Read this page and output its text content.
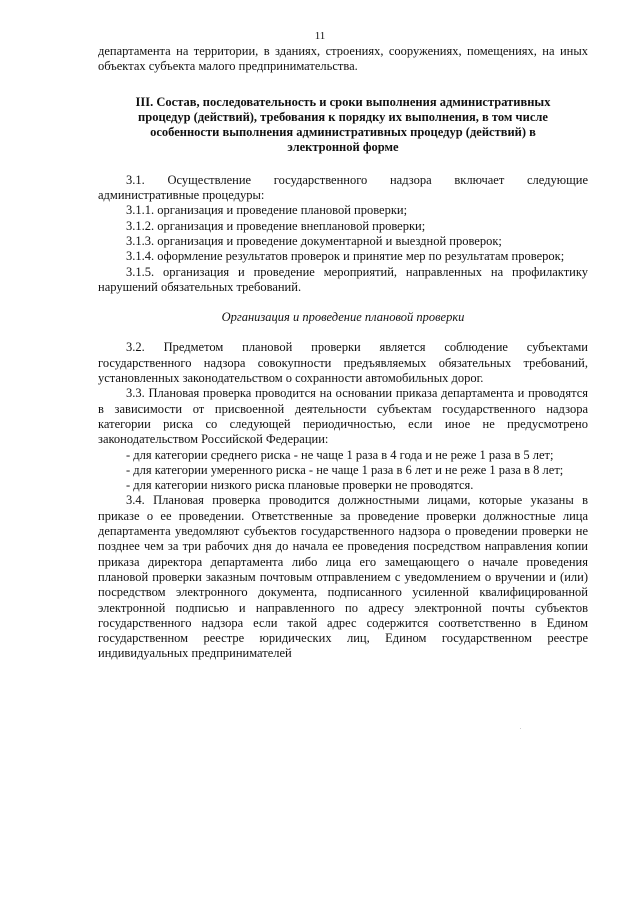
11

департамента на территории, в зданиях, строениях, сооружениях, помещениях, на иных объектах субъекта малого предпринимательства.

III. Состав, последовательность и сроки выполнения административных
процедур (действий), требования к порядку их выполнения, в том числе
особенности выполнения административных процедур (действий) в
электронной форме

3.1. Осуществление государственного надзора включает следующие административные процедуры:

3.1.1. организация и проведение плановой проверки;

3.1.2. организация и проведение внеплановой проверки;

3.1.3. организация и проведение документарной и выездной проверок;

3.1.4. оформление результатов проверок и принятие мер по результатам проверок;

3.1.5. организация и проведение мероприятий, направленных на профилактику нарушений обязательных требований.

Организация и проведение плановой проверки

3.2. Предметом плановой проверки является соблюдение субъектами государственного надзора совокупности предъявляемых обязательных требований, установленных законодательством о сохранности автомобильных дорог.

3.3. Плановая проверка проводится на основании приказа департамента и проводятся в зависимости от присвоенной деятельности субъектам государственного надзора категории риска со следующей периодичностью, если иное не предусмотрено законодательством Российской Федерации:

- для категории среднего риска - не чаще 1 раза в 4 года и не реже 1 раза в 5 лет;

- для категории умеренного риска - не чаще 1 раза в 6 лет и не реже 1 раза в 8 лет;

- для категории низкого риска плановые проверки не проводятся.

3.4. Плановая проверка проводится должностными лицами, которые указаны в приказе о ее проведении. Ответственные за проведение проверки должностные лица департамента уведомляют субъектов государственного надзора о проведении проверки не позднее чем за три рабочих дня до начала ее проведения посредством направления копии приказа директора департамента либо лица его замещающего о начале проведения плановой проверки заказным почтовым отправлением с уведомлением о вручении и (или) посредством электронного документа, подписанного усиленной квалифицированной электронной подписью и направленного по адресу электронной почты субъектов государственного надзора если такой адрес содержится соответственно в Едином государственном реестре юридических лиц, Едином государственном реестре индивидуальных предпринимателей
